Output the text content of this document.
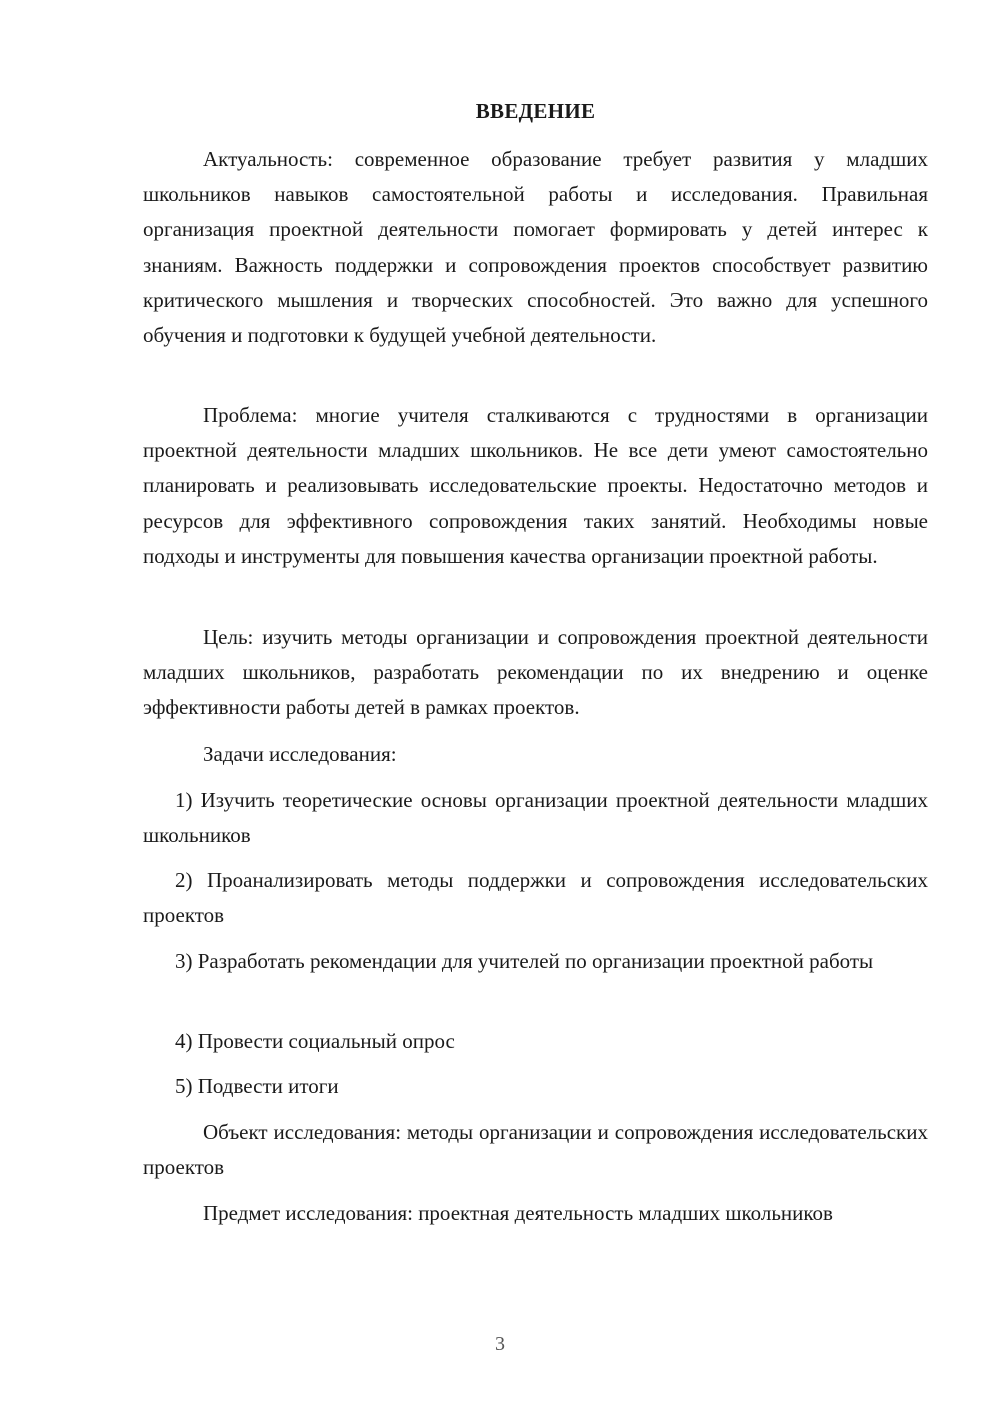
ВВЕДЕНИЕ

Актуальность: современное образование требует развития у младших школьников навыков самостоятельной работы и исследования. Правильная организация проектной деятельности помогает формировать у детей интерес к знаниям. Важность поддержки и сопровождения проектов способствует развитию критического мышления и творческих способностей. Это важно для успешного обучения и подготовки к будущей учебной деятельности.

Проблема: многие учителя сталкиваются с трудностями в организации проектной деятельности младших школьников. Не все дети умеют самостоятельно планировать и реализовывать исследовательские проекты. Недостаточно методов и ресурсов для эффективного сопровождения таких занятий. Необходимы новые подходы и инструменты для повышения качества организации проектной работы.

Цель: изучить методы организации и сопровождения проектной деятельности младших школьников, разработать рекомендации по их внедрению и оценке эффективности работы детей в рамках проектов.

Задачи исследования:

1) Изучить теоретические основы организации проектной деятельности младших школьников

2) Проанализировать методы поддержки и сопровождения исследовательских проектов

3) Разработать рекомендации для учителей по организации проектной работы

4) Провести социальный опрос

5) Подвести итоги

Объект исследования: методы организации и сопровождения исследовательских проектов

Предмет исследования: проектная деятельность младших школьников

3
